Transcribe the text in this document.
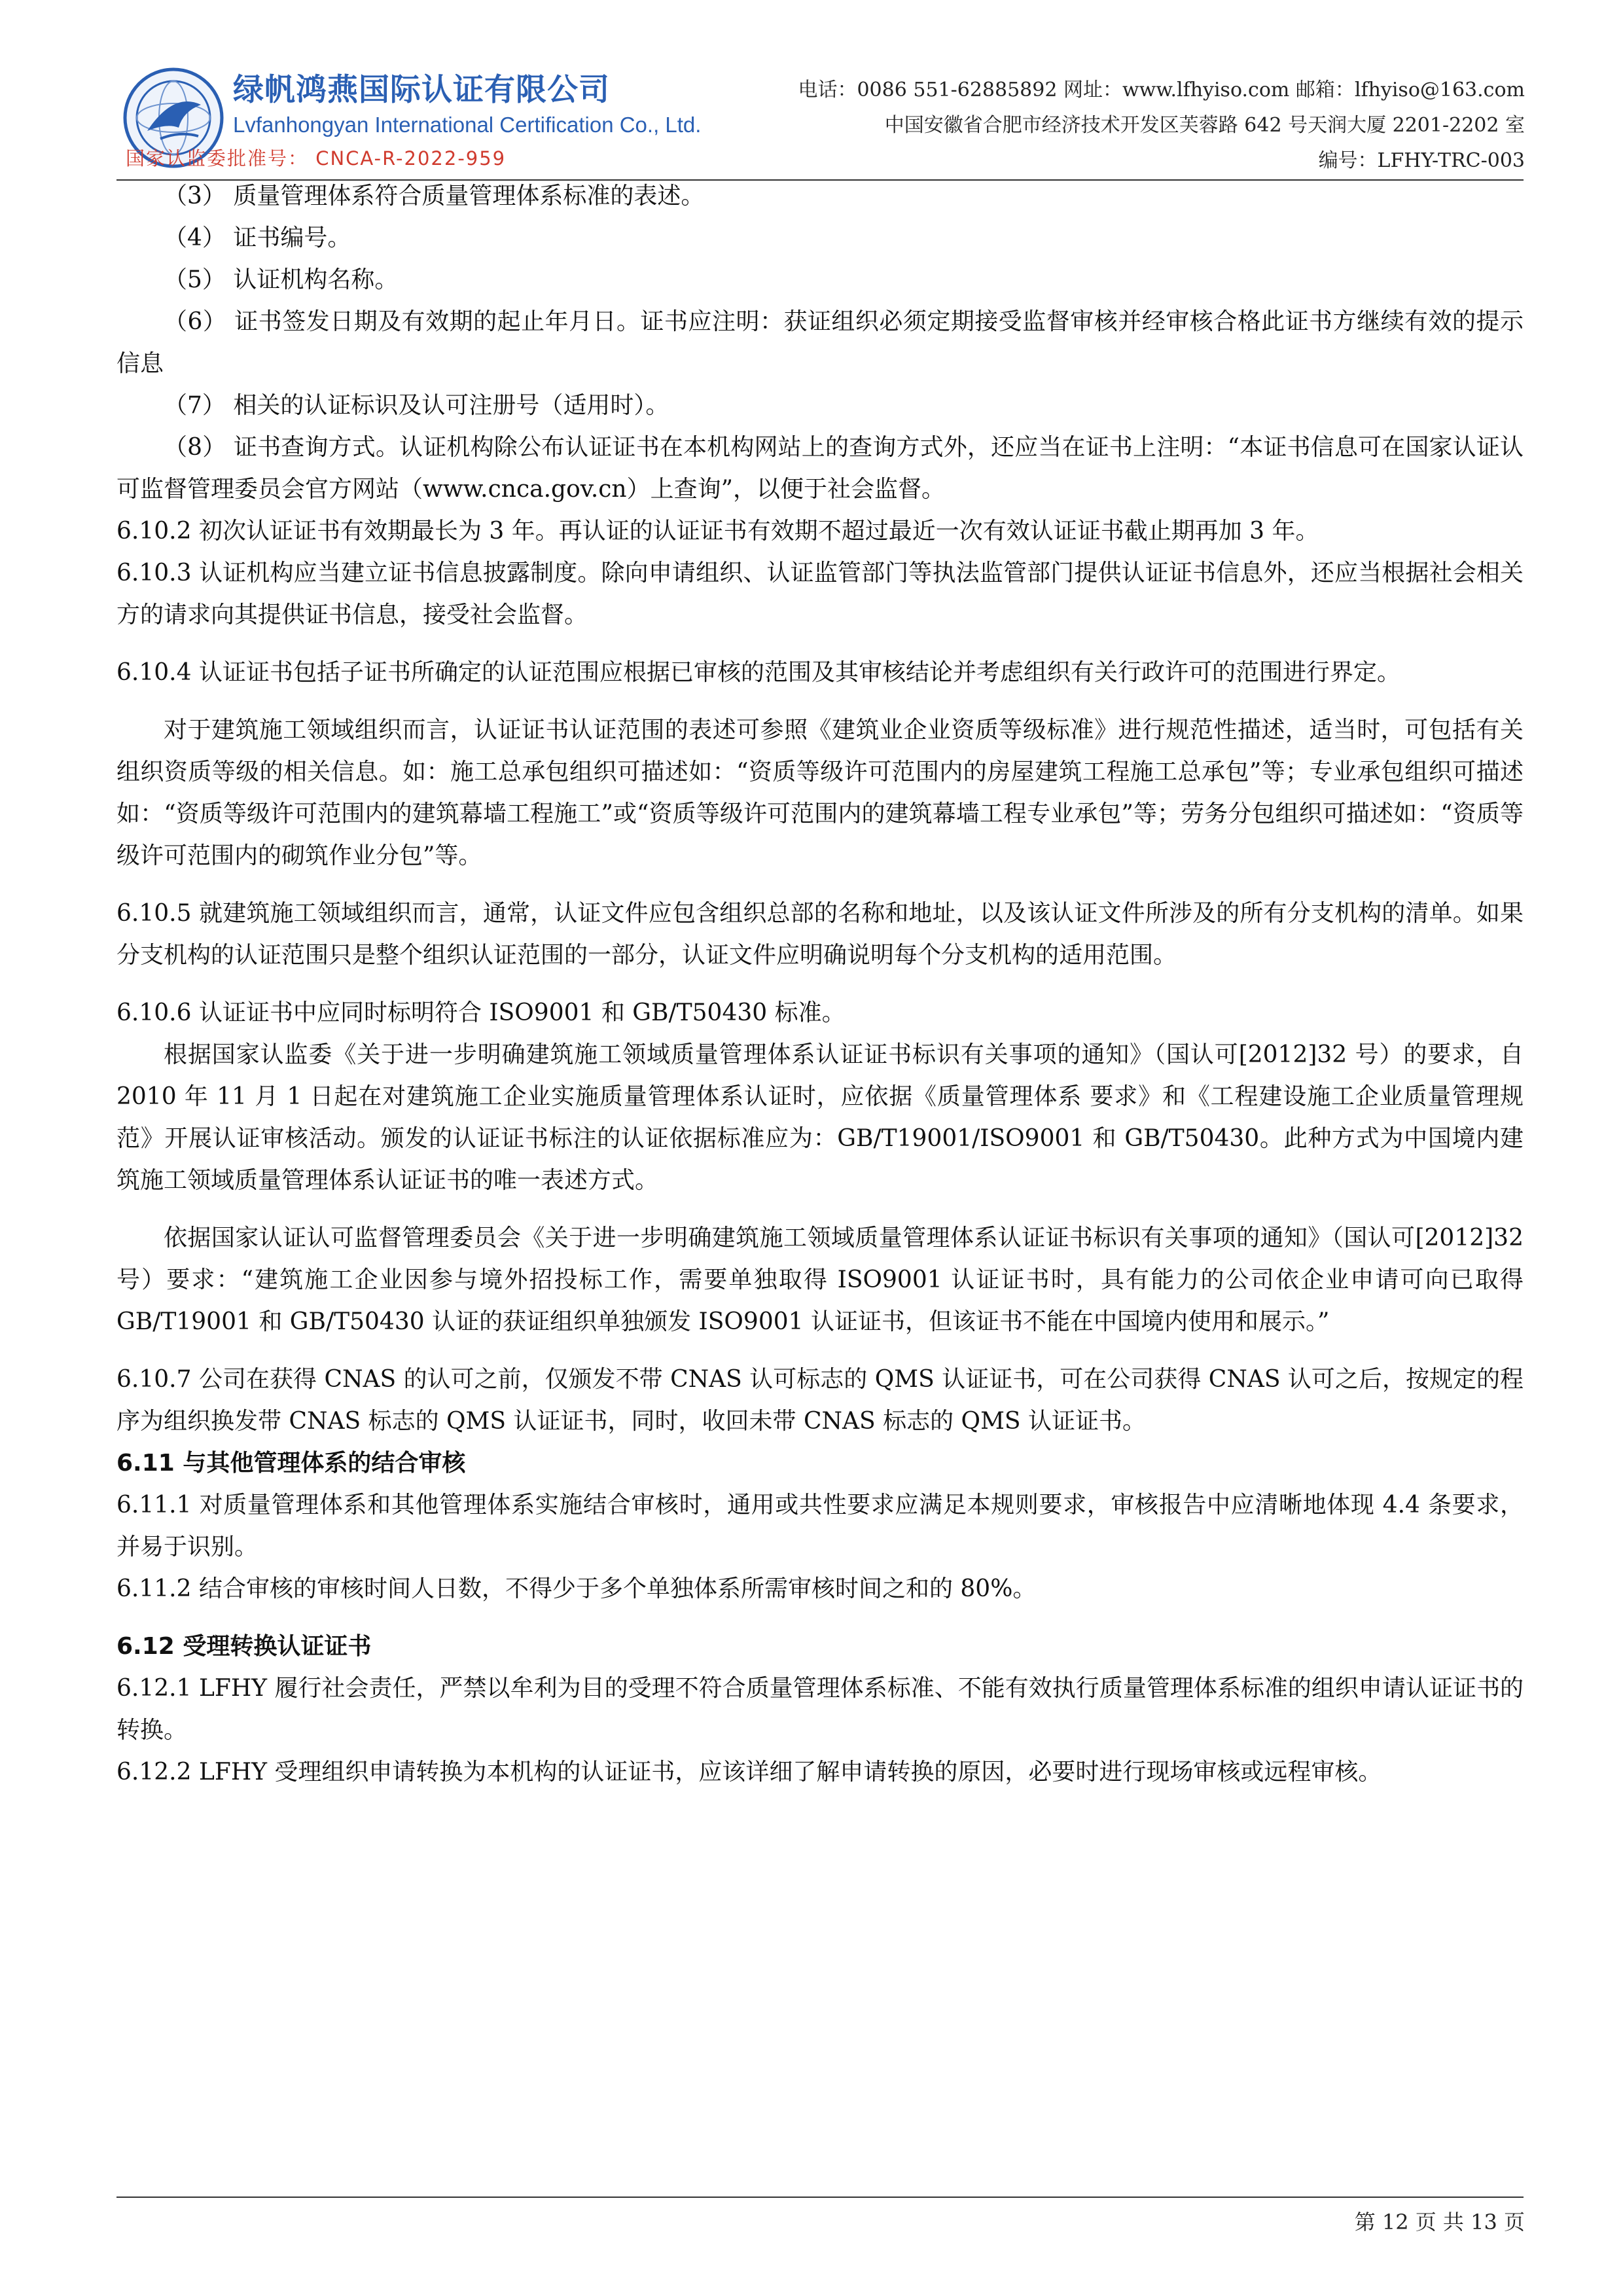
绿帆鸿燕国际认证有限公司
Lvfanhongyan International Certification Co., Ltd.
国家认监委批准号： CNCA-R-2022-959
电话：0086 551-62885892 网址：www.lfhyiso.com 邮箱：lfhyiso@163.com
中国安徽省合肥市经济技术开发区芙蓉路 642 号天润大厦 2201-2202 室
编号：LFHY-TRC-003

（3） 质量管理体系符合质量管理体系标准的表述。

（4） 证书编号。

（5） 认证机构名称。

（6） 证书签发日期及有效期的起止年月日。证书应注明：获证组织必须定期接受监督审核并经审核合格此证书方继续有效的提示信息

（7） 相关的认证标识及认可注册号（适用时）。

（8） 证书查询方式。认证机构除公布认证证书在本机构网站上的查询方式外，还应当在证书上注明：“本证书信息可在国家认证认可监督管理委员会官方网站（www.cnca.gov.cn）上查询”，以便于社会监督。

6.10.2 初次认证证书有效期最长为 3 年。再认证的认证证书有效期不超过最近一次有效认证证书截止期再加 3 年。

6.10.3 认证机构应当建立证书信息披露制度。除向申请组织、认证监管部门等执法监管部门提供认证证书信息外，还应当根据社会相关方的请求向其提供证书信息，接受社会监督。

6.10.4 认证证书包括子证书所确定的认证范围应根据已审核的范围及其审核结论并考虑组织有关行政许可的范围进行界定。

对于建筑施工领域组织而言，认证证书认证范围的表述可参照《建筑业企业资质等级标准》进行规范性描述，适当时，可包括有关组织资质等级的相关信息。如：施工总承包组织可描述如：“资质等级许可范围内的房屋建筑工程施工总承包”等；专业承包组织可描述如：“资质等级许可范围内的建筑幕墙工程施工”或“资质等级许可范围内的建筑幕墙工程专业承包”等；劳务分包组织可描述如：“资质等级许可范围内的砌筑作业分包”等。

6.10.5 就建筑施工领域组织而言，通常，认证文件应包含组织总部的名称和地址，以及该认证文件所涉及的所有分支机构的清单。如果分支机构的认证范围只是整个组织认证范围的一部分，认证文件应明确说明每个分支机构的适用范围。

6.10.6 认证证书中应同时标明符合 ISO9001 和 GB/T50430 标准。

根据国家认监委《关于进一步明确建筑施工领域质量管理体系认证证书标识有关事项的通知》（国认可[2012]32 号）的要求，自 2010 年 11 月 1 日起在对建筑施工企业实施质量管理体系认证时，应依据《质量管理体系 要求》和《工程建设施工企业质量管理规范》开展认证审核活动。颁发的认证证书标注的认证依据标准应为：GB/T19001/ISO9001 和 GB/T50430。此种方式为中国境内建筑施工领域质量管理体系认证证书的唯一表述方式。

依据国家认证认可监督管理委员会《关于进一步明确建筑施工领域质量管理体系认证证书标识有关事项的通知》（国认可[2012]32 号）要求：“建筑施工企业因参与境外招投标工作，需要单独取得 ISO9001 认证证书时，具有能力的公司依企业申请可向已取得 GB/T19001 和 GB/T50430 认证的获证组织单独颁发 ISO9001 认证证书，但该证书不能在中国境内使用和展示。”

6.10.7 公司在获得 CNAS 的认可之前，仅颁发不带 CNAS 认可标志的 QMS 认证证书，可在公司获得 CNAS 认可之后，按规定的程序为组织换发带 CNAS 标志的 QMS 认证证书，同时，收回未带 CNAS 标志的 QMS 认证证书。

6.11 与其他管理体系的结合审核

6.11.1 对质量管理体系和其他管理体系实施结合审核时，通用或共性要求应满足本规则要求，审核报告中应清晰地体现 4.4 条要求，并易于识别。

6.11.2 结合审核的审核时间人日数，不得少于多个单独体系所需审核时间之和的 80%。

6.12 受理转换认证证书

6.12.1 LFHY 履行社会责任，严禁以牟利为目的受理不符合质量管理体系标准、不能有效执行质量管理体系标准的组织申请认证证书的转换。

6.12.2 LFHY 受理组织申请转换为本机构的认证证书，应该详细了解申请转换的原因，必要时进行现场审核或远程审核。

第 12 页 共 13 页
